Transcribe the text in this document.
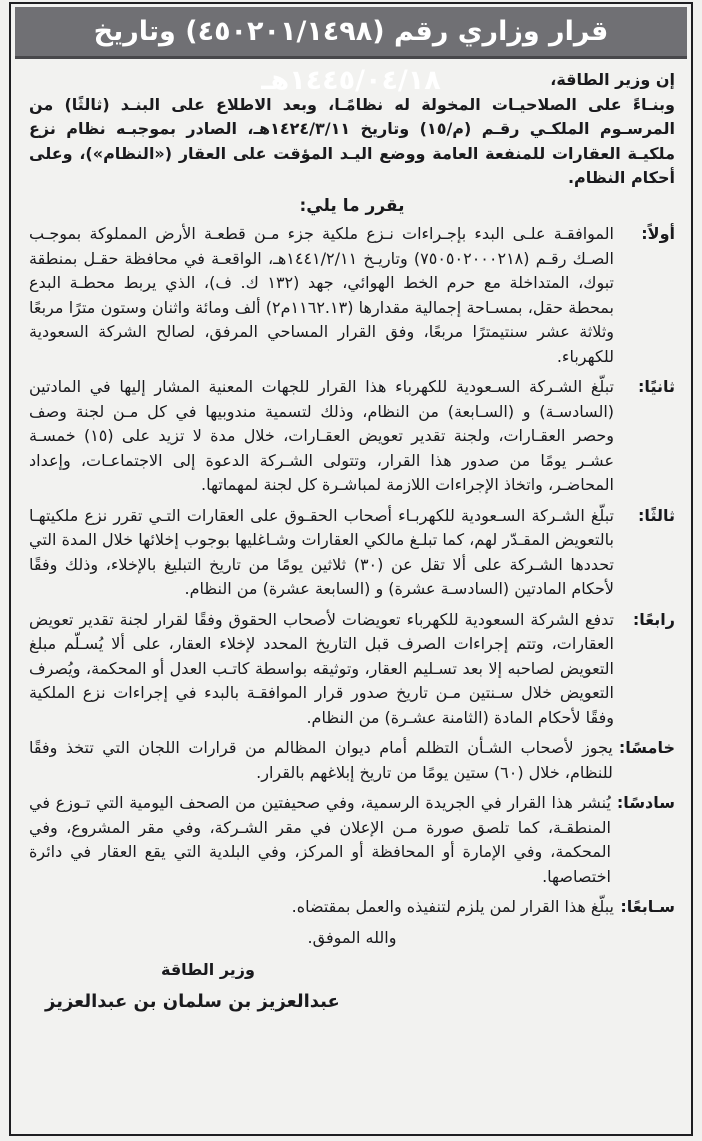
قرار وزاري رقم (٤٥٠٢٠١/١٤٩٨) وتاريخ ١٤٤٥/٠٤/١٨هـ	إن وزير الطاقة،

وبنـاءً على الصلاحيـات المخولة له نظامًـا، وبعد الاطلاع على البنـد (ثالثًا) من المرسـوم الملكـي رقـم (م/١٥) وتاريخ ١٤٢٤/٣/١١هـ، الصادر بموجبـه نظام نزع ملكيـة العقارات للمنفعة العامة ووضع اليـد المؤقت على العقار («النظام»)، وعلى أحكام النظام.

يقرر ما يلي:
أولاً:
الموافقـة علـى البدء بإجـراءات نـزع ملكية جزء مـن قطعـة الأرض المملوكة بموجـب الصـك رقـم (٧٥٠٥٠٢٠٠٠٢١٨) وتاريـخ ١٤٤١/٢/١١هـ، الواقعـة في محافظة حقـل بمنطقة تبوك، المتداخلة مع حرم الخط الهوائي، جهد (١٣٢ ك. ف)، الذي يربط محطـة البدع بمحطة حقل، بمسـاحة إجمالية مقدارها (١١٦٢.١٣م٢) ألف ومائة واثنان وستون مترًا مربعًا وثلاثة عشر سنتيمترًا مربعًا، وفق القرار المساحي المرفق، لصالح الشركة السعودية للكهرباء.
ثانيًا:
تبلّغ الشـركة السـعودية للكهرباء هذا القرار للجهات المعنية المشار إليها في المادتين (السادسـة) و (السـابعة) من النظام، وذلك لتسمية مندوبيها في كل مـن لجنة وصف وحصر العقـارات، ولجنة تقدير تعويض العقـارات، خلال مدة لا تزيد على (١٥) خمسـة عشـر يومًا من صدور هذا القرار، وتتولى الشـركة الدعوة إلى الاجتماعـات، وإعداد المحاضـر، واتخاذ الإجراءات اللازمة لمباشـرة كل لجنة لمهماتها.
ثالثًا:
تبلّغ الشـركة السـعودية للكهربـاء أصحاب الحقـوق على العقارات التـي تقرر نزع ملكيتهـا بالتعويض المقـدّر لهم، كما تبلـغ مالكي العقارات وشـاغليها بوجوب إخلائها خلال المدة التي تحددها الشـركة على ألا تقل عن (٣٠) ثلاثين يومًا من تاريخ التبليغ بالإخلاء، وذلك وفقًا لأحكام المادتين (السادسـة عشرة) و (السابعة عشرة) من النظام.
رابعًا:
تدفع الشركة السعودية للكهرباء تعويضات لأصحاب الحقوق وفقًا لقرار لجنة تقدير تعويض العقارات، وتتم إجراءات الصرف قبل التاريخ المحدد لإخلاء العقار، على ألا يُسـلّم مبلغ التعويض لصاحبه إلا بعد تسـليم العقار، وتوثيقه بواسطة كاتـب العدل أو المحكمة، ويُصرف التعويض خلال سـنتين مـن تاريخ صدور قرار الموافقـة بالبدء في إجراءات نزع الملكية وفقًا لأحكام المادة (الثامنة عشـرة) من النظام.
خامسًا:
يجوز لأصحاب الشـأن التظلم أمام ديوان المظالم من قرارات اللجان التي تتخذ وفقًا للنظام، خلال (٦٠) ستين يومًا من تاريخ إبلاغهم بالقرار.
سادسًا:
يُنشر هذا القرار في الجريدة الرسمية، وفي صحيفتين من الصحف اليومية التي تـوزع في المنطقـة، كما تلصق صورة مـن الإعلان في مقر الشـركة، وفي مقر المشروع، وفي المحكمة، وفي الإمارة أو المحافظة أو المركز، وفي البلدية التي يقع العقار في دائرة اختصاصها.
سـابعًا:
يبلّغ هذا القرار لمن يلزم لتنفيذه والعمل بمقتضاه.

والله الموفق.

وزير الطاقة

عبدالعزيز بن سلمان بن عبدالعزيز
